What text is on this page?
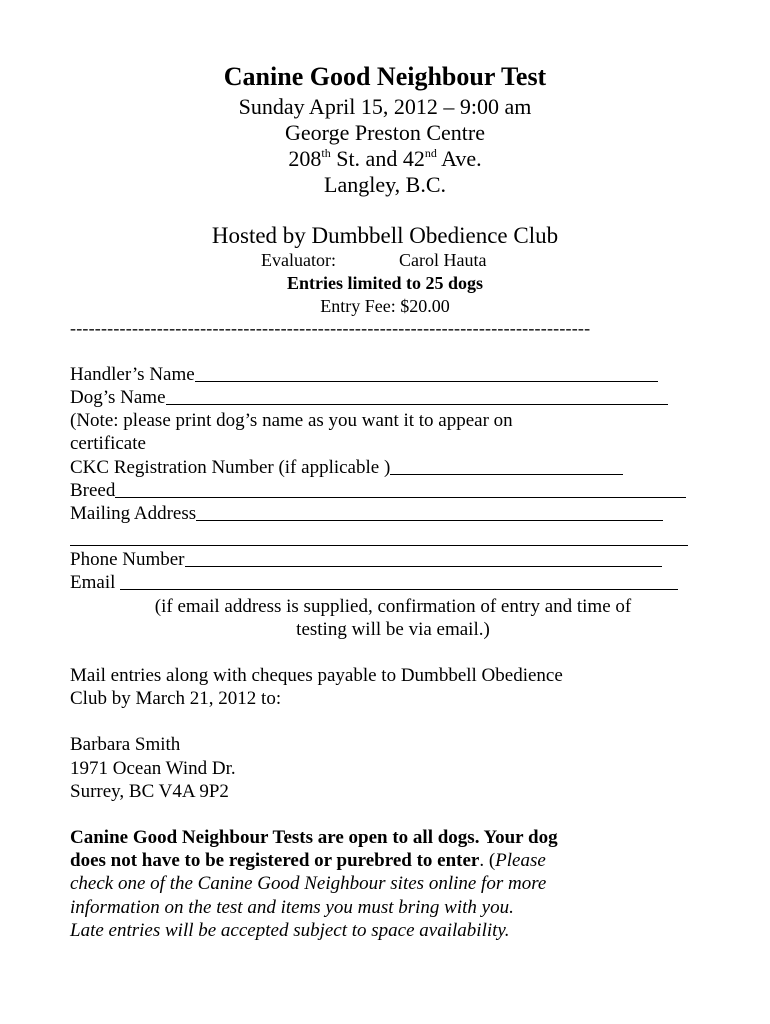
Canine Good Neighbour Test
Sunday April 15, 2012 – 9:00 am
George Preston Centre
208th St. and 42nd Ave.
Langley, B.C.
Hosted by Dumbbell Obedience Club
Evaluator:	Carol Hauta
Entries limited to 25 dogs
Entry Fee: $20.00
------------------------------------------------------------------------------------
Handler’s Name
Dog’s Name
(Note: please print dog’s name as you want it to appear on
certificate
CKC Registration Number (if applicable )
Breed
Mailing Address
Phone Number
Email
(if email address is supplied, confirmation of entry and time of
testing will be via email.)
Mail entries along with cheques payable to Dumbbell Obedience
Club by March 21, 2012 to:
Barbara Smith
1971 Ocean Wind Dr.
Surrey, BC V4A 9P2
Canine Good Neighbour Tests are open to all dogs. Your dog
does not have to be registered or purebred to enter. (Please
check one of the Canine Good Neighbour sites online for more
information on the test and items you must bring with you.
Late entries will be accepted subject to space availability.
